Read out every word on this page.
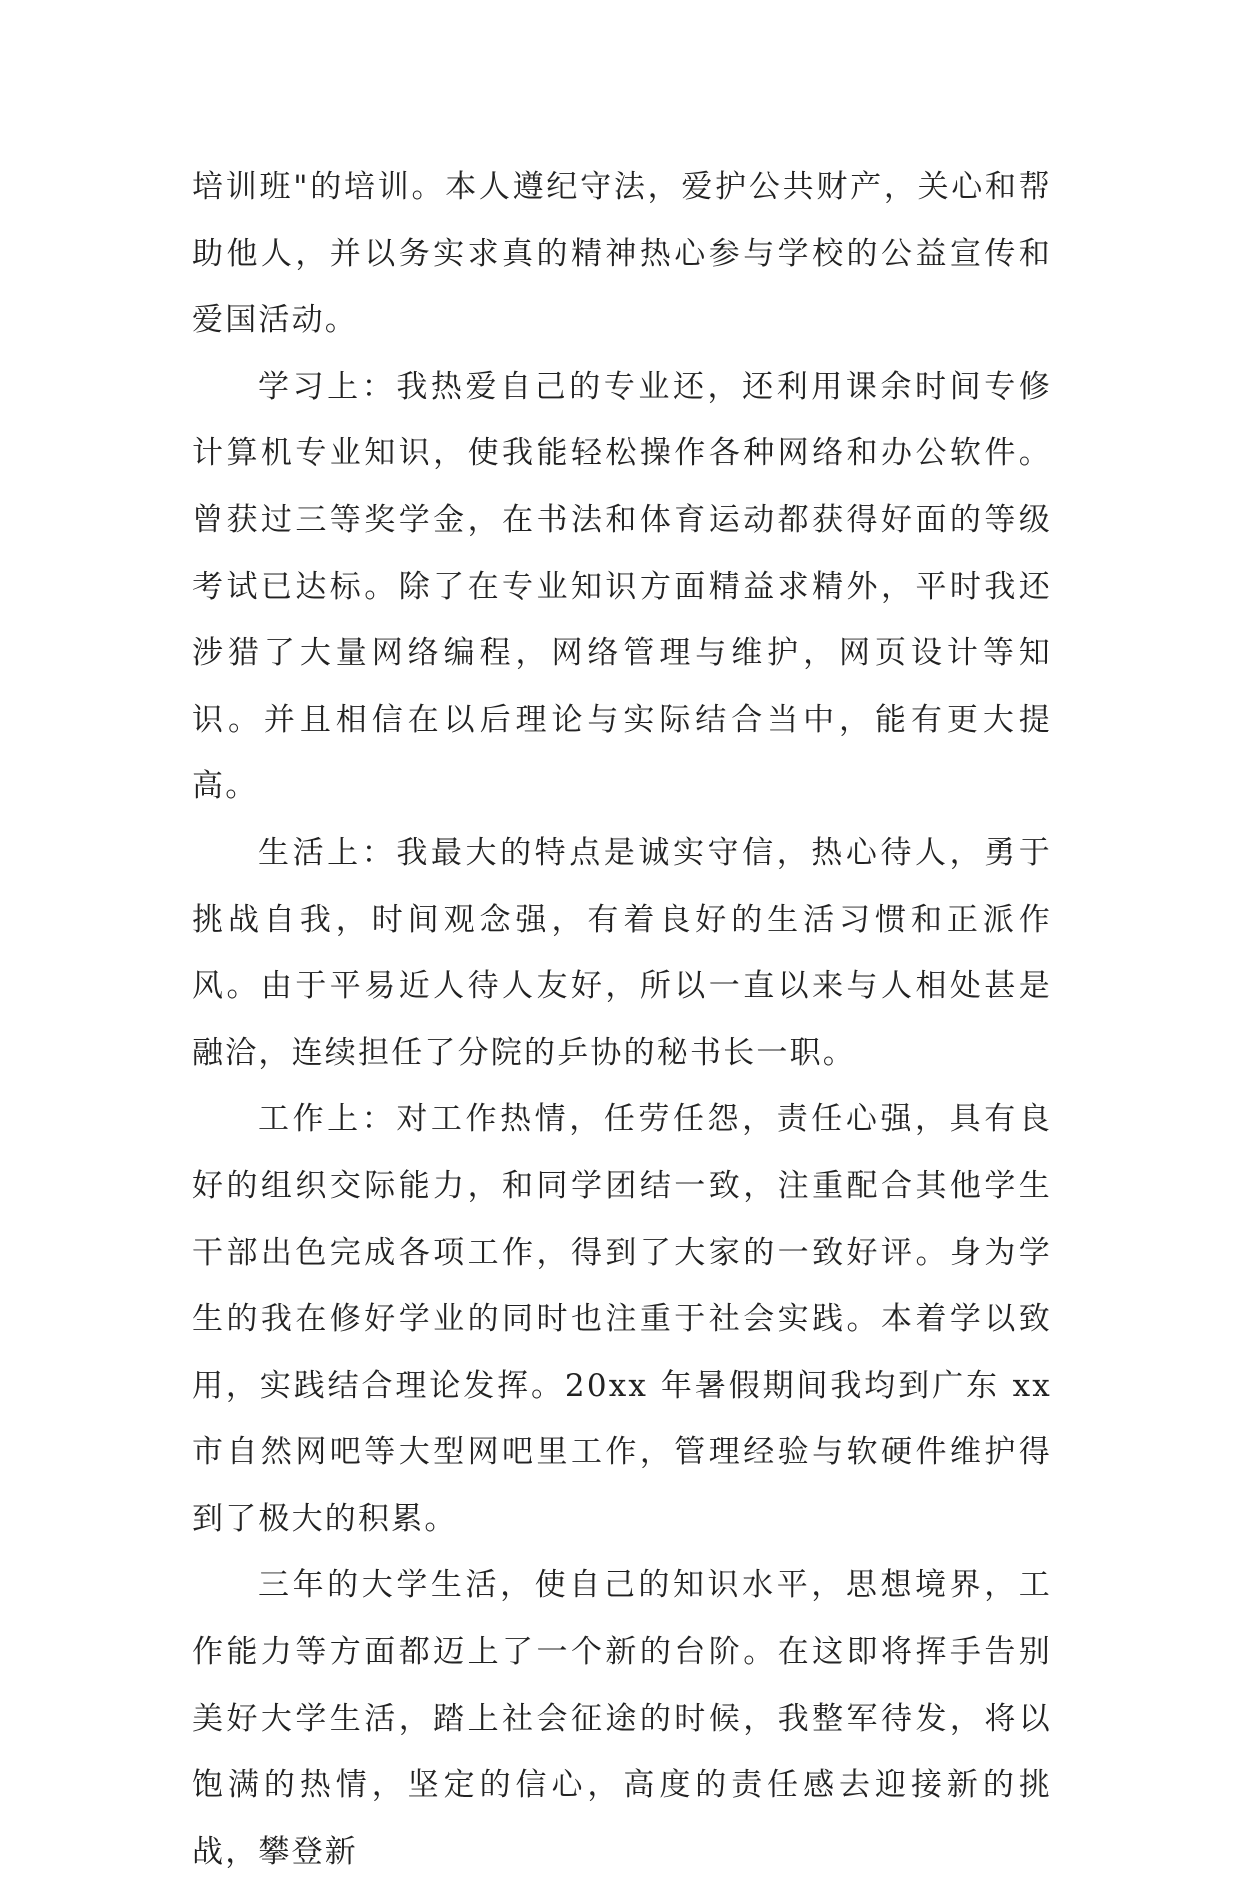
培训班"的培训。本人遵纪守法，爱护公共财产，关心和帮助他人，并以务实求真的精神热心参与学校的公益宣传和爱国活动。

学习上：我热爱自己的专业还，还利用课余时间专修计算机专业知识，使我能轻松操作各种网络和办公软件。曾获过三等奖学金，在书法和体育运动都获得好面的等级考试已达标。除了在专业知识方面精益求精外，平时我还涉猎了大量网络编程，网络管理与维护，网页设计等知识。并且相信在以后理论与实际结合当中，能有更大提高。

生活上：我最大的特点是诚实守信，热心待人，勇于挑战自我，时间观念强，有着良好的生活习惯和正派作风。由于平易近人待人友好，所以一直以来与人相处甚是融洽，连续担任了分院的乒协的秘书长一职。

工作上：对工作热情，任劳任怨，责任心强，具有良好的组织交际能力，和同学团结一致，注重配合其他学生干部出色完成各项工作，得到了大家的一致好评。身为学生的我在修好学业的同时也注重于社会实践。本着学以致用，实践结合理论发挥。20xx 年暑假期间我均到广东 xx 市自然网吧等大型网吧里工作，管理经验与软硬件维护得到了极大的积累。

三年的大学生活，使自己的知识水平，思想境界，工作能力等方面都迈上了一个新的台阶。在这即将挥手告别美好大学生活，踏上社会征途的时候，我整军待发，将以饱满的热情，坚定的信心，高度的责任感去迎接新的挑战，攀登新
